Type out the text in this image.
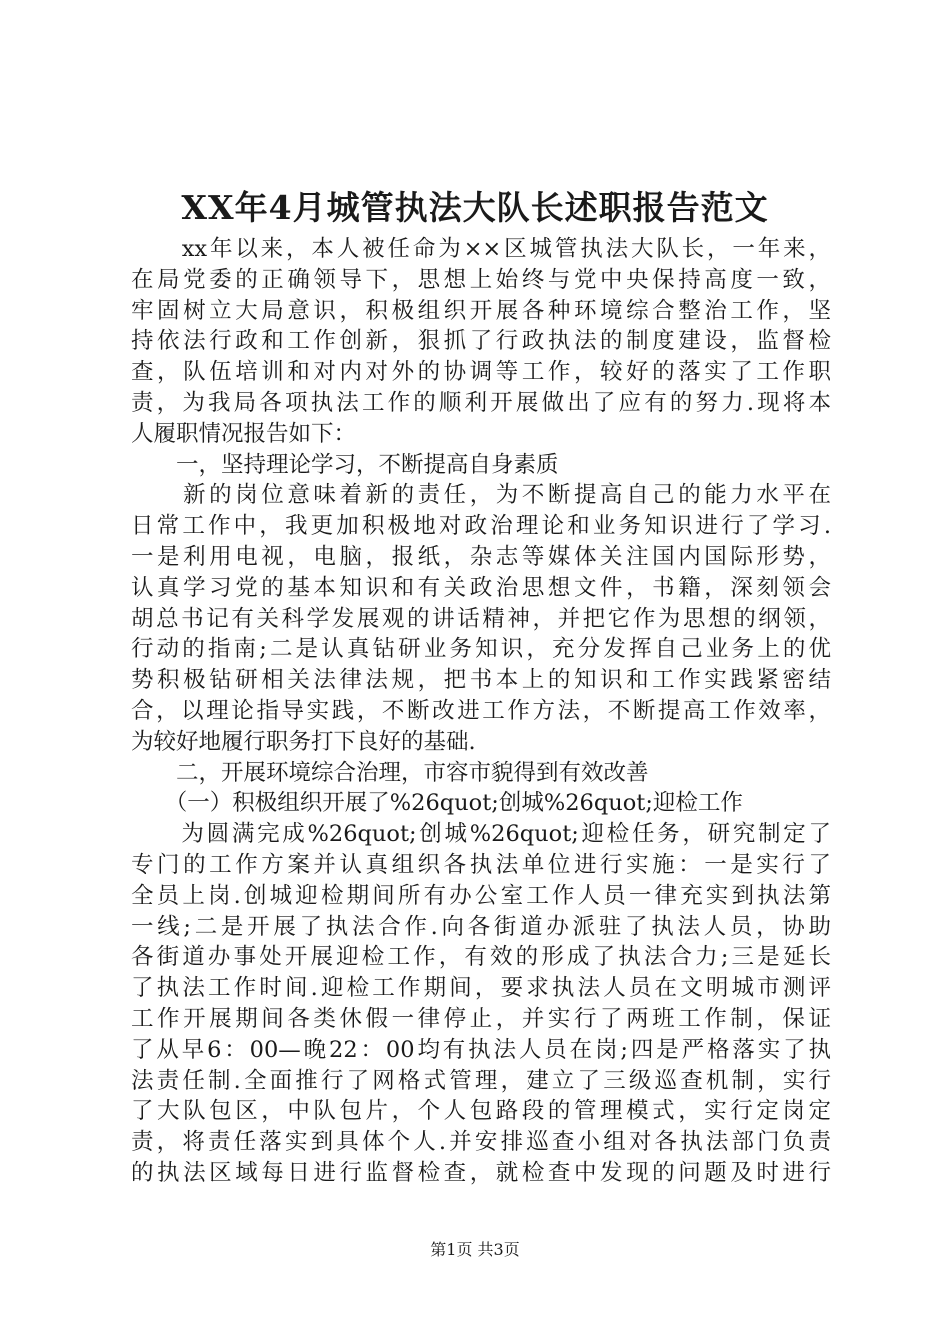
XX年4月城管执法大队长述职报告范文
　　xx年以来，本人被任命为××区城管执法大队长，一年来，
在局党委的正确领导下，思想上始终与党中央保持高度一致，
牢固树立大局意识，积极组织开展各种环境综合整治工作，坚
持依法行政和工作创新，狠抓了行政执法的制度建设，监督检
查，队伍培训和对内对外的协调等工作，较好的落实了工作职
责，为我局各项执法工作的顺利开展做出了应有的努力.现将本
人履职情况报告如下：
　　一，坚持理论学习，不断提高自身素质
　　新的岗位意味着新的责任，为不断提高自己的能力水平在
日常工作中，我更加积极地对政治理论和业务知识进行了学习.
一是利用电视，电脑，报纸，杂志等媒体关注国内国际形势，
认真学习党的基本知识和有关政治思想文件，书籍，深刻领会
胡总书记有关科学发展观的讲话精神，并把它作为思想的纲领，
行动的指南;二是认真钻研业务知识，充分发挥自己业务上的优
势积极钻研相关法律法规，把书本上的知识和工作实践紧密结
合，以理论指导实践，不断改进工作方法，不断提高工作效率，
为较好地履行职务打下良好的基础.
　　二，开展环境综合治理，市容市貌得到有效改善
　　（一）积极组织开展了%26quot;创城%26quot;迎检工作
　　为圆满完成%26quot;创城%26quot;迎检任务，研究制定了
专门的工作方案并认真组织各执法单位进行实施：一是实行了
全员上岗.创城迎检期间所有办公室工作人员一律充实到执法第
一线;二是开展了执法合作.向各街道办派驻了执法人员，协助
各街道办事处开展迎检工作，有效的形成了执法合力;三是延长
了执法工作时间.迎检工作期间，要求执法人员在文明城市测评
工作开展期间各类休假一律停止，并实行了两班工作制，保证
了从早6：00—晚22：00均有执法人员在岗;四是严格落实了执
法责任制.全面推行了网格式管理，建立了三级巡查机制，实行
了大队包区，中队包片，个人包路段的管理模式，实行定岗定
责，将责任落实到具体个人.并安排巡查小组对各执法部门负责
的执法区域每日进行监督检查，就检查中发现的问题及时进行
第1页 共3页
